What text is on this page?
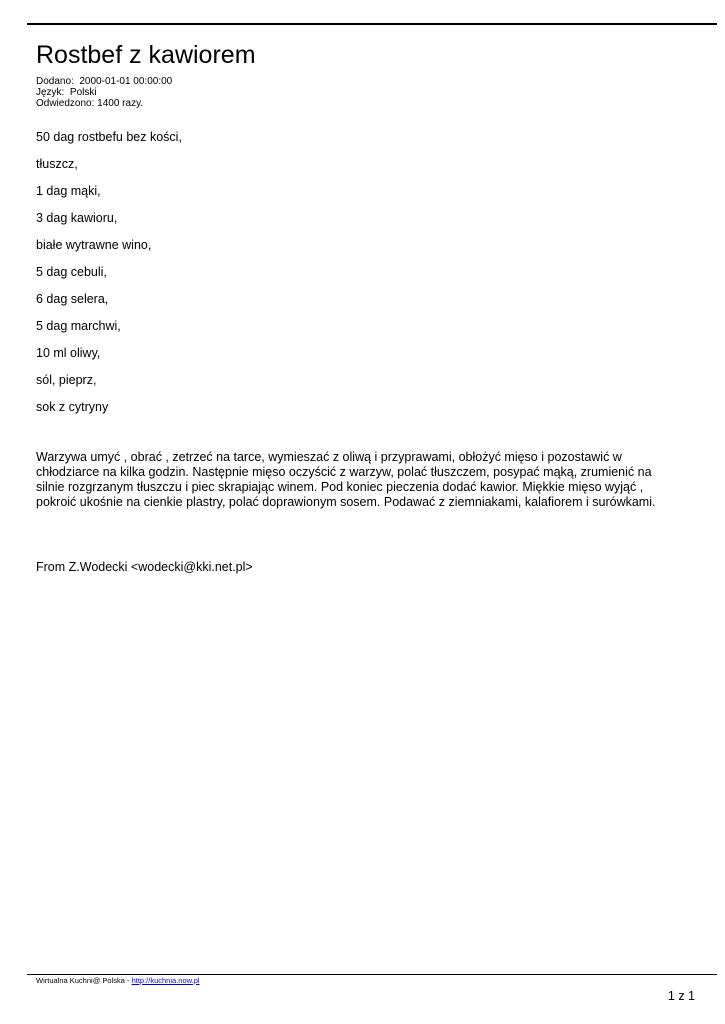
Rostbef z kawiorem
Dodano:  2000-01-01 00:00:00
Język:  Polski
Odwiedzono: 1400 razy.
50 dag rostbefu bez kości,
tłuszcz,
1 dag mąki,
3 dag kawioru,
białe wytrawne wino,
5 dag cebuli,
6 dag selera,
5 dag marchwi,
10 ml oliwy,
sól, pieprz,
sok z cytryny

Warzywa umyć , obrać , zetrzeć na tarce, wymieszać z oliwą i przyprawami, obłożyć mięso i pozostawić w chłodziarce na kilka godzin. Następnie mięso oczyścić z warzyw, polać tłuszczem, posypać mąką, zrumienić na silnie rozgrzanym tłuszczu i piec skrapiając winem. Pod koniec pieczenia dodać kawior. Miękkie mięso wyjąć , pokroić ukośnie na cienkie plastry, polać doprawionym sosem. Podawać z ziemniakami, kalafiorem i surówkami.

From Z.Wodecki <wodecki@kki.net.pl>

Wirtualna Kuchni@ Polska - http://kuchnia.now.pl
1 z 1
